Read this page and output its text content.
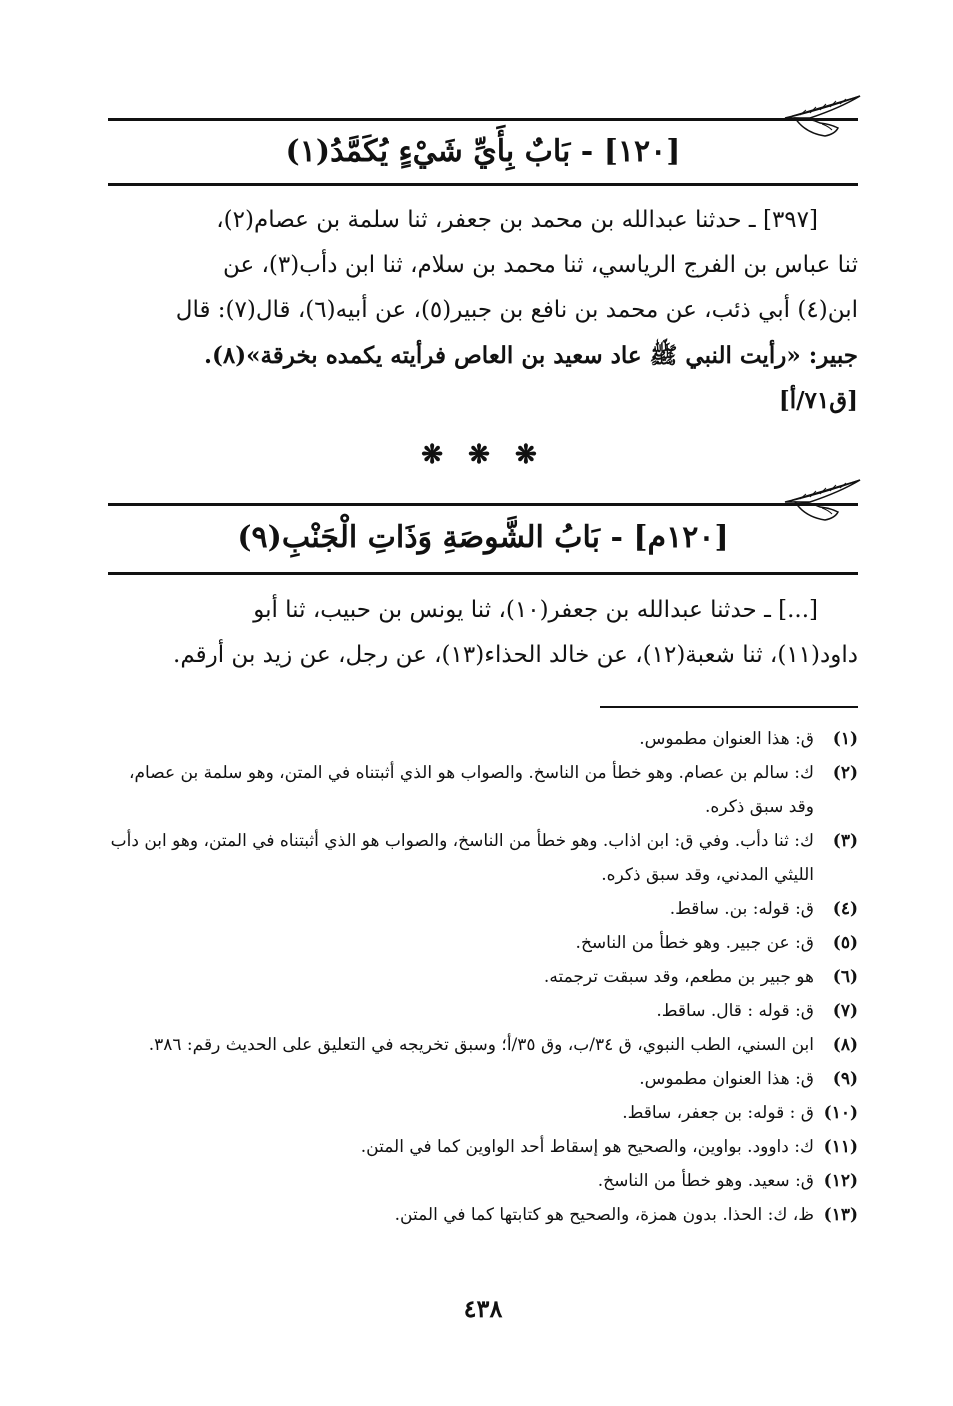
[١٢٠] - بَابٌ بِأَيِّ شَيْءٍ يُكَمَّدُ(١)
[٣٩٧] ـ حدثنا عبدالله بن محمد بن جعفر، ثنا سلمة بن عصام(٢)،
ثنا عباس بن الفرج الرياسي، ثنا محمد بن سلام، ثنا ابن دأب(٣)، عن
ابن(٤) أبي ذئب، عن محمد بن نافع بن جبير(٥)، عن أبيه(٦)، قال(٧): قال
جبير: «رأيت النبي ﷺ عاد سعيد بن العاص فرأيته يكمده بخرقة»(٨).
[ق٧١/أ]
❋ ❋ ❋
[١٢٠م] - بَابُ الشَّوصَةِ وَذَاتِ الْجَنْبِ(٩)
[...] ـ حدثنا عبدالله بن جعفر(١٠)، ثنا يونس بن حبيب، ثنا أبو
داود(١١)، ثنا شعبة(١٢)، عن خالد الحذاء(١٣)، عن رجل، عن زيد بن أرقم.
(١)
ق: هذا العنوان مطموس.
(٢)
ك: سالم بن عصام. وهو خطأ من الناسخ. والصواب هو الذي أثبتناه في المتن، وهو سلمة بن عصام، وقد سبق ذكره.
(٣)
ك: ثنا دأب. وفي ق: ابن اذاب. وهو خطأ من الناسخ، والصواب هو الذي أثبتناه في المتن، وهو ابن دأب الليثي المدني، وقد سبق ذكره.
(٤)
ق: قوله: بن. ساقط.
(٥)
ق: عن جبير. وهو خطأ من الناسخ.
(٦)
هو جبير بن مطعم، وقد سبقت ترجمته.
(٧)
ق: قوله : قال. ساقط.
(٨)
ابن السني، الطب النبوي، ق ٣٤/ب، وق ٣٥/أ؛ وسبق تخريجه في التعليق على الحديث رقم: ٣٨٦.
(٩)
ق: هذا العنوان مطموس.
(١٠)
ق : قوله: بن جعفر، ساقط.
(١١)
ك: داوود. بواوين، والصحيح هو إسقاط أحد الواوين كما في المتن.
(١٢)
ق: سعيد. وهو خطأ من الناسخ.
(١٣)
ظ، ك: الحذا. بدون همزة، والصحيح هو كتابتها كما في المتن.
٤٣٨
